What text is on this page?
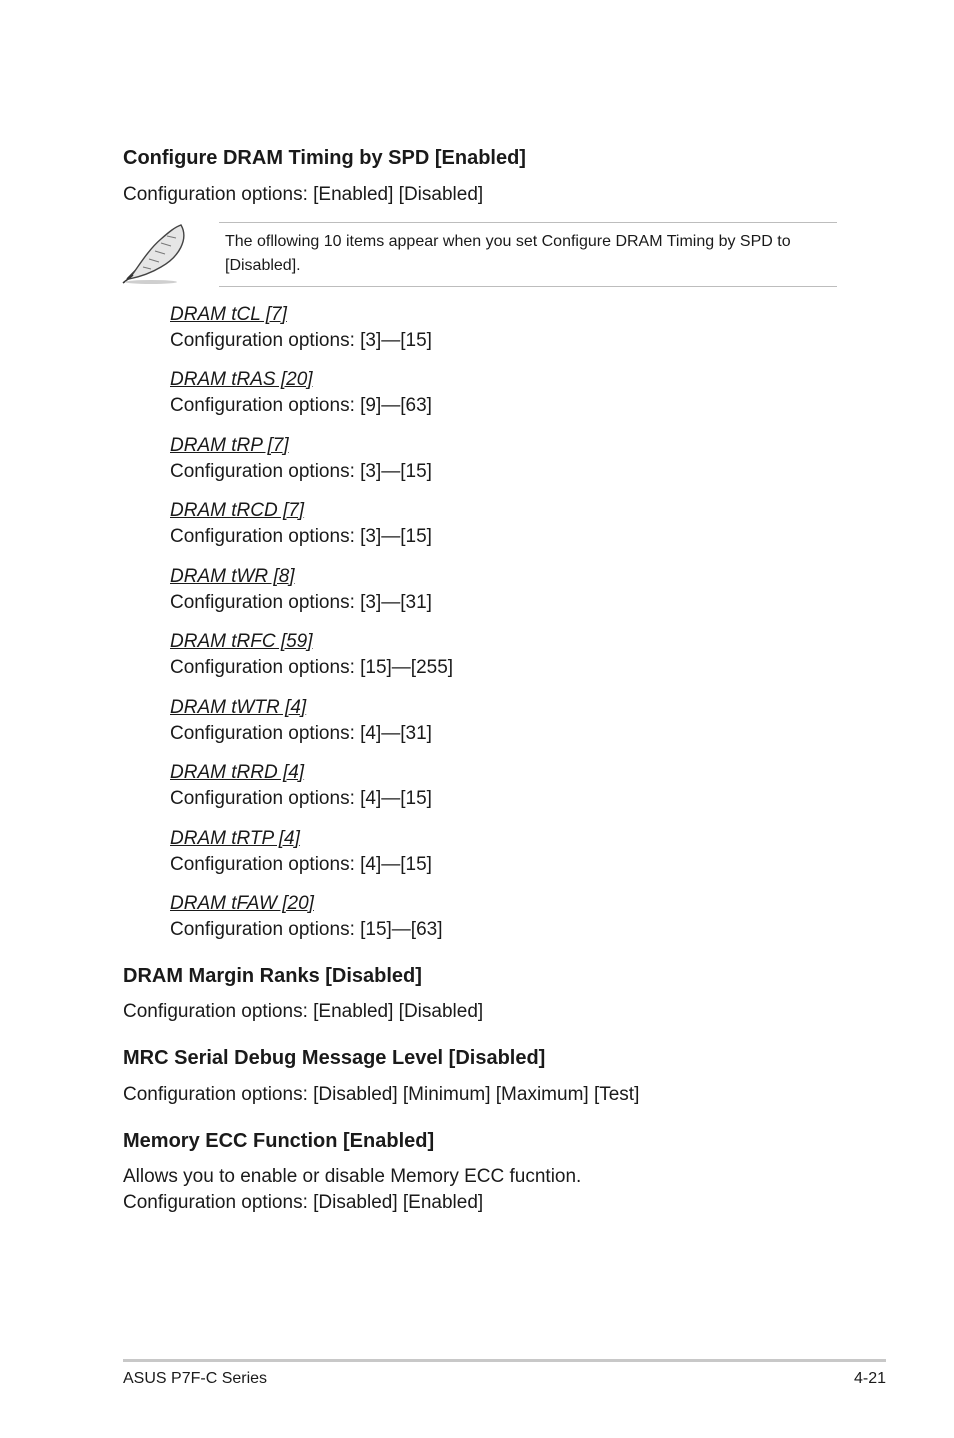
Configure DRAM Timing by SPD [Enabled]
Configuration options: [Enabled] [Disabled]
The ofllowing 10 items appear when you set Configure DRAM Timing by SPD to [Disabled].
DRAM tCL [7]
Configuration options: [3]—[15]
DRAM tRAS [20]
Configuration options: [9]—[63]
DRAM tRP [7]
Configuration options: [3]—[15]
DRAM tRCD [7]
Configuration options: [3]—[15]
DRAM tWR [8]
Configuration options: [3]—[31]
DRAM tRFC [59]
Configuration options: [15]—[255]
DRAM tWTR [4]
Configuration options: [4]—[31]
DRAM tRRD [4]
Configuration options: [4]—[15]
DRAM tRTP [4]
Configuration options: [4]—[15]
DRAM tFAW [20]
Configuration options: [15]—[63]
DRAM Margin Ranks [Disabled]
Configuration options: [Enabled] [Disabled]
MRC Serial Debug Message Level [Disabled]
Configuration options: [Disabled] [Minimum] [Maximum] [Test]
Memory ECC Function [Enabled]
Allows you to enable or disable Memory ECC fucntion.
Configuration options: [Disabled] [Enabled]
ASUS P7F-C Series	4-21
